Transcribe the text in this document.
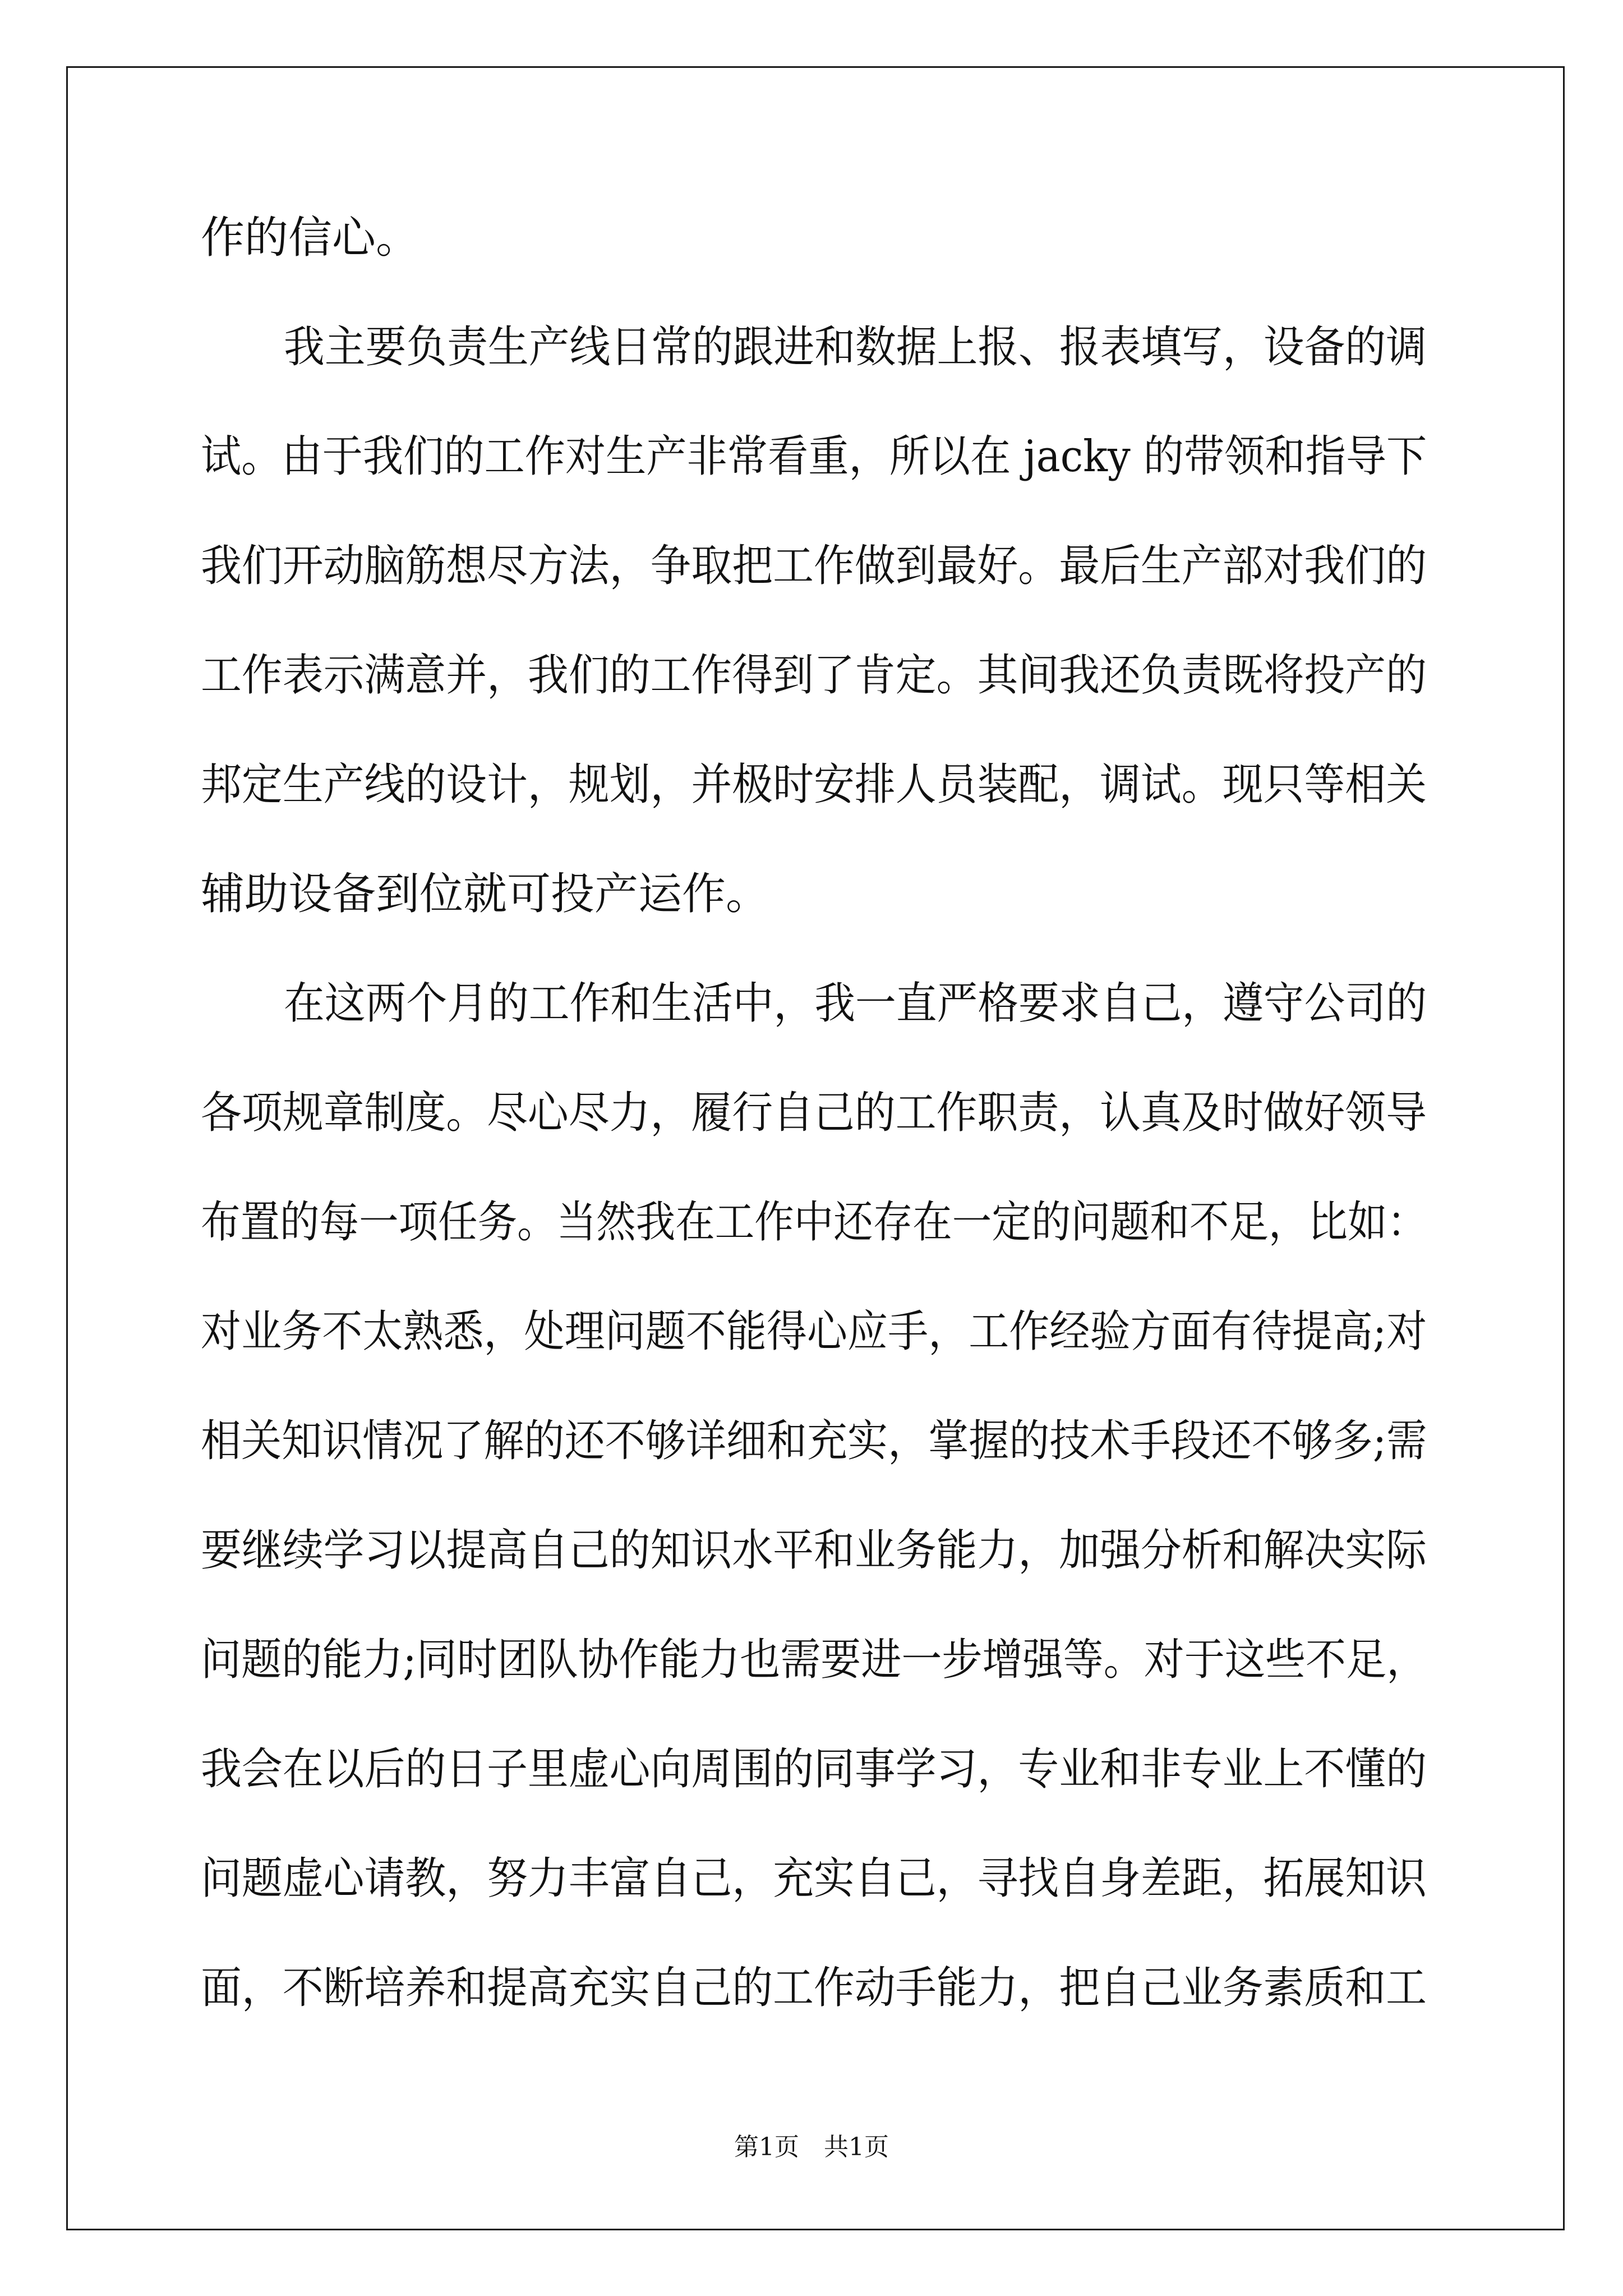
作的信心。
我主要负责生产线日常的跟进和数据上报、报表填写，设备的调
试。由于我们的工作对生产非常看重，所以在 jacky 的带领和指导下
我们开动脑筋想尽方法，争取把工作做到最好。最后生产部对我们的
工作表示满意并，我们的工作得到了肯定。其间我还负责既将投产的
邦定生产线的设计，规划，并极时安排人员装配，调试。现只等相关
辅助设备到位就可投产运作。
在这两个月的工作和生活中，我一直严格要求自己，遵守公司的
各项规章制度。尽心尽力，履行自己的工作职责，认真及时做好领导
布置的每一项任务。当然我在工作中还存在一定的问题和不足，比如：
对业务不太熟悉，处理问题不能得心应手，工作经验方面有待提高;对
相关知识情况了解的还不够详细和充实，掌握的技术手段还不够多;需
要继续学习以提高自己的知识水平和业务能力，加强分析和解决实际
问题的能力;同时团队协作能力也需要进一步增强等。对于这些不足，
我会在以后的日子里虚心向周围的同事学习，专业和非专业上不懂的
问题虚心请教，努力丰富自己，充实自己，寻找自身差距，拓展知识
面，不断培养和提高充实自己的工作动手能力，把自己业务素质和工
第1页　共1页
